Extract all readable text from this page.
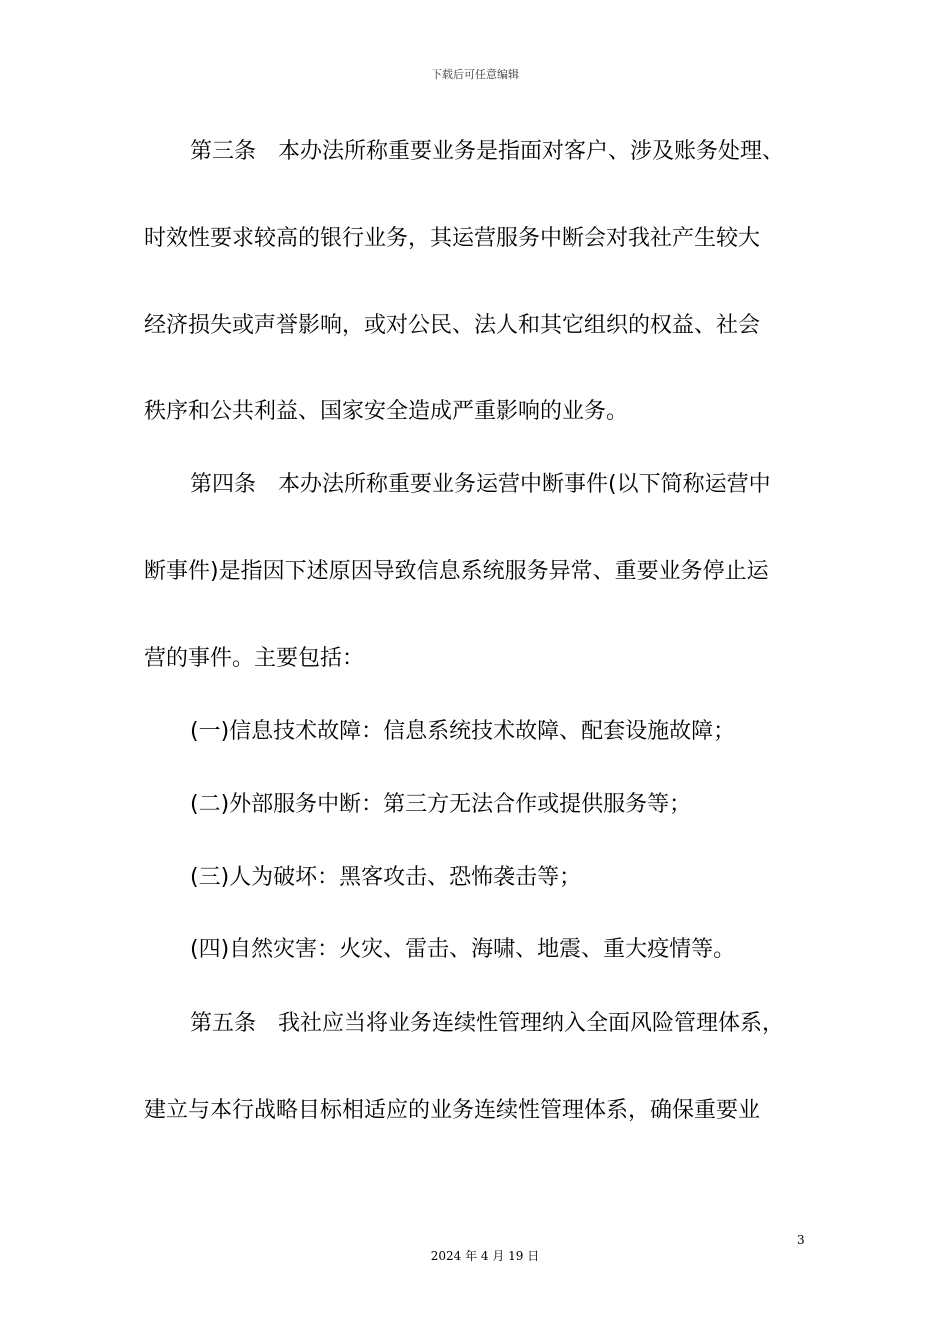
下载后可任意编辑
第三条　本办法所称重要业务是指面对客户、涉及账务处理、
时效性要求较高的银行业务，其运营服务中断会对我社产生较大
经济损失或声誉影响，或对公民、法人和其它组织的权益、社会
秩序和公共利益、国家安全造成严重影响的业务。
第四条　本办法所称重要业务运营中断事件(以下简称运营中
断事件)是指因下述原因导致信息系统服务异常、重要业务停止运
营的事件。主要包括：
(一)信息技术故障：信息系统技术故障、配套设施故障；
(二)外部服务中断：第三方无法合作或提供服务等；
(三)人为破坏：黑客攻击、恐怖袭击等；
(四)自然灾害：火灾、雷击、海啸、地震、重大疫情等。
第五条　我社应当将业务连续性管理纳入全面风险管理体系，
建立与本行战略目标相适应的业务连续性管理体系，确保重要业
3
2024 年 4 月 19 日
